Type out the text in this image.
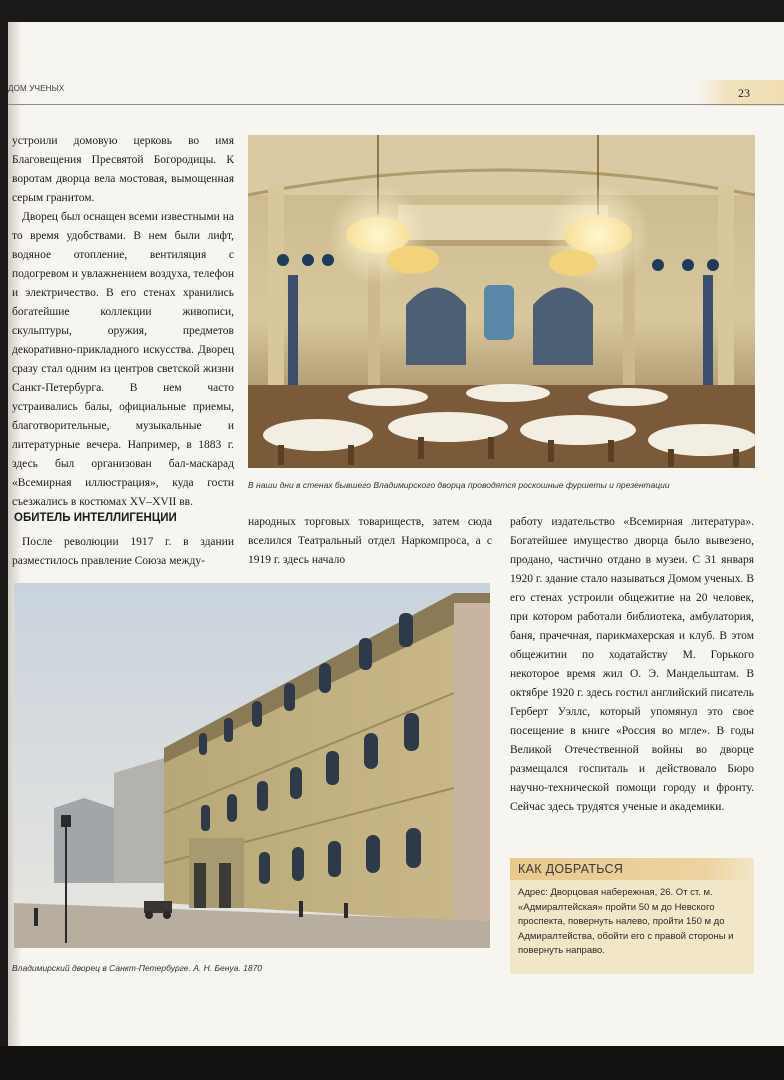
ДОМ УЧЕНЫХ	23

устроили домовую церковь во имя Благовещения Пресвятой Богородицы. К воротам дворца вела мостовая, вымощенная серым гранитом.

Дворец был оснащен всеми известными на то время удобствами. В нем были лифт, водяное отопление, вентиляция с подогревом и увлажнением воздуха, телефон и электричество. В его стенах хранились богатейшие коллекции живописи, скульптуры, оружия, предметов декоративно-прикладного искусства. Дворец сразу стал одним из центров светской жизни Санкт-Петербурга. В нем часто устраивались балы, официальные приемы, благотворительные, музыкальные и литературные вечера. Например, в 1883 г. здесь был организован бал-маскарад «Всемирная иллюстрация», куда гости съезжались в костюмах XV–XVII вв.

В наши дни в стенах бывшего Владимирского дворца проводятся роскошные фуршеты и презентации

ОБИТЕЛЬ ИНТЕЛЛИГЕНЦИИ

После революции 1917 г. в здании разместилось правление Союза между-

народных торговых товариществ, затем сюда вселился Театральный отдел Наркомпроса, а с 1919 г. здесь начало

работу издательство «Всемирная литература». Богатейшее имущество дворца было вывезено, продано, частично отдано в музеи. С 31 января 1920 г. здание стало называться Домом ученых. В его стенах устроили общежитие на 20 человек, при котором работали библиотека, амбулатория, баня, прачечная, парикмахерская и клуб. В этом общежитии по ходатайству М. Горького некоторое время жил О. Э. Мандельштам. В октябре 1920 г. здесь гостил английский писатель Герберт Уэллс, который упомянул это свое посещение в книге «Россия во мгле». В годы Великой Отечественной войны во дворце размещался госпиталь и действовало Бюро научно-технической помощи городу и фронту. Сейчас здесь трудятся ученые и академики.

Владимирский дворец в Санкт-Петербурге. А. Н. Бенуа. 1870

КАК ДОБРАТЬСЯ

Адрес: Дворцовая набережная, 26. От ст. м. «Адмиралтейская» пройти 50 м до Невского проспекта, повернуть налево, пройти 150 м до Адмиралтейства, обойти его с правой стороны и повернуть направо.
